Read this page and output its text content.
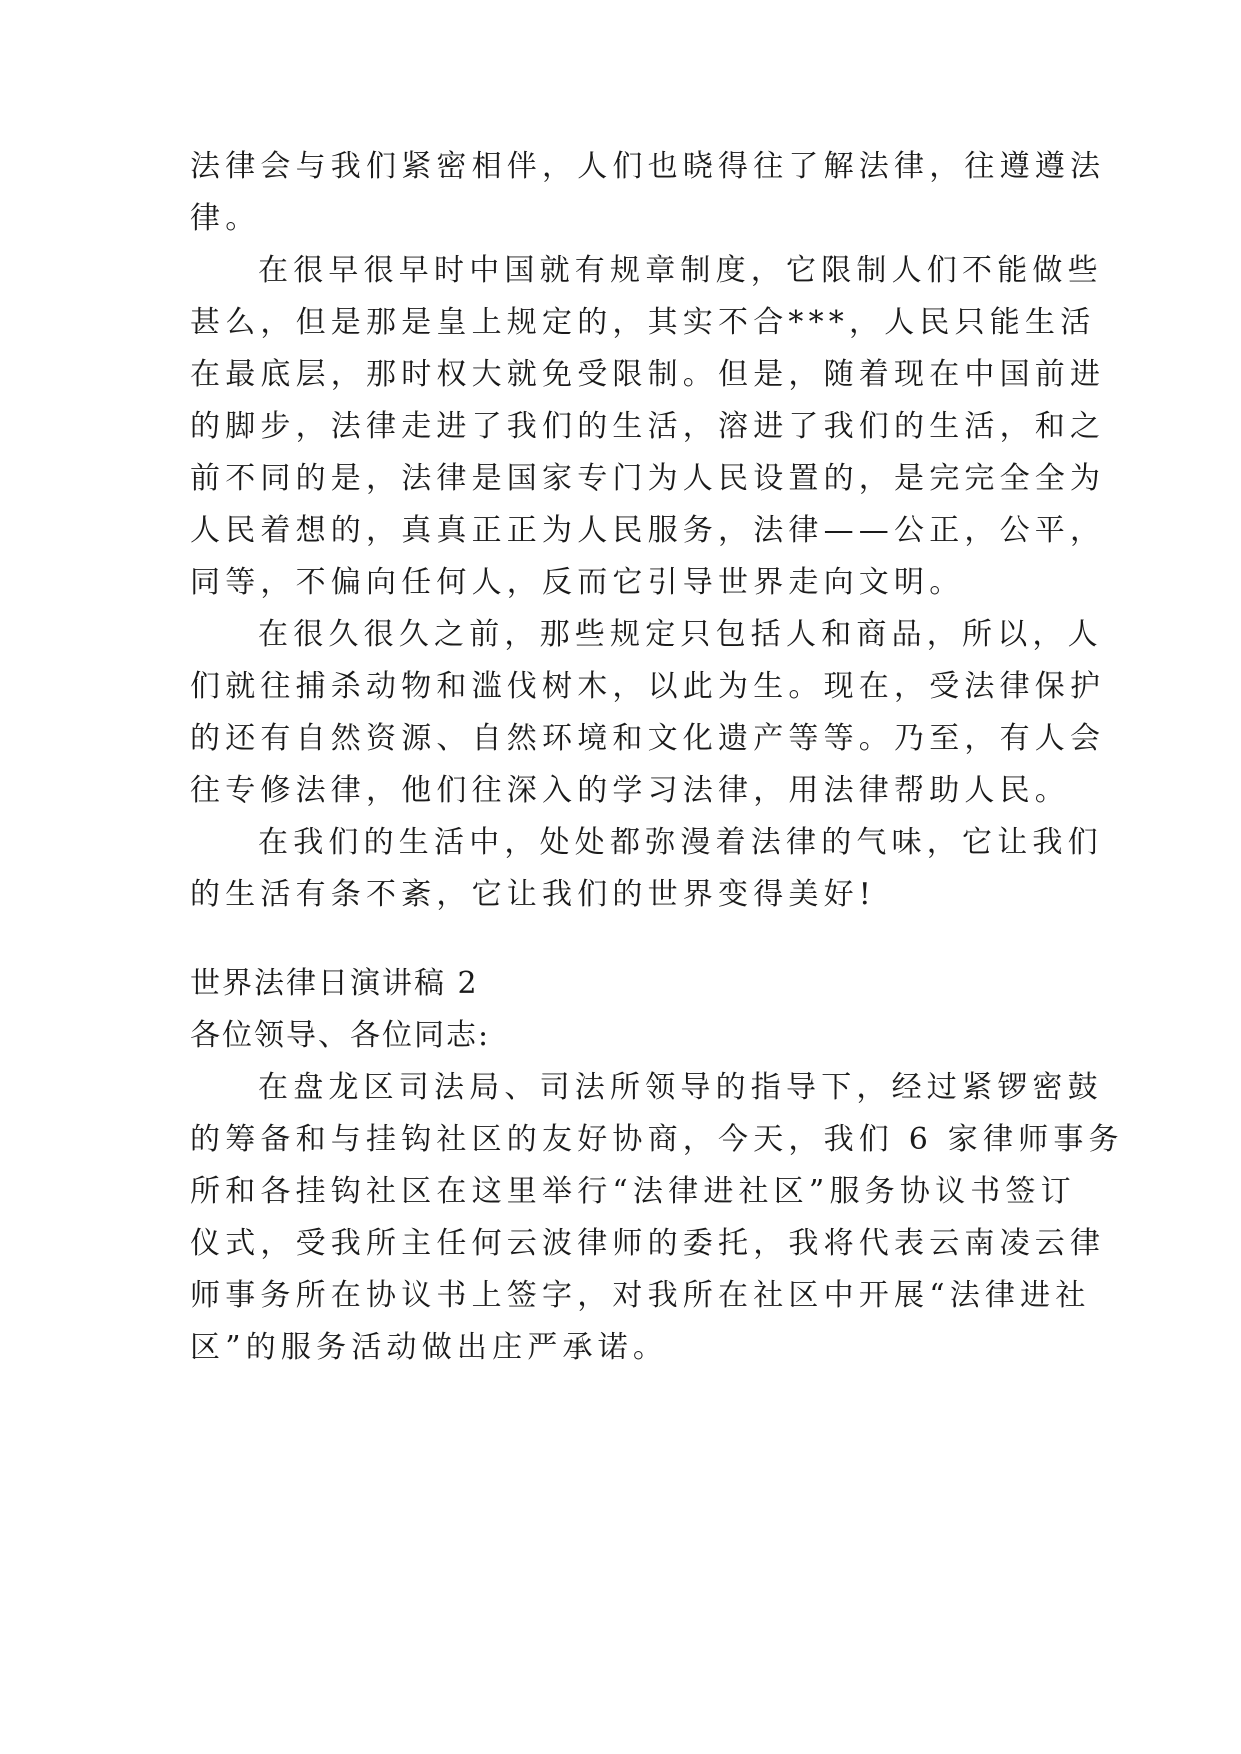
法律会与我们紧密相伴，人们也晓得往了解法律，往遵遵法
律。
在很早很早时中国就有规章制度，它限制人们不能做些
甚么，但是那是皇上规定的，其实不合***，人民只能生活
在最底层，那时权大就免受限制。但是，随着现在中国前进
的脚步，法律走进了我们的生活，溶进了我们的生活，和之
前不同的是，法律是国家专门为人民设置的，是完完全全为
人民着想的，真真正正为人民服务，法律——公正，公平，
同等，不偏向任何人，反而它引导世界走向文明。
在很久很久之前，那些规定只包括人和商品，所以，人
们就往捕杀动物和滥伐树木，以此为生。现在，受法律保护
的还有自然资源、自然环境和文化遗产等等。乃至，有人会
往专修法律，他们往深入的学习法律，用法律帮助人民。
在我们的生活中，处处都弥漫着法律的气味，它让我们
的生活有条不紊，它让我们的世界变得美好!
世界法律日演讲稿 2
各位领导、各位同志:
在盘龙区司法局、司法所领导的指导下，经过紧锣密鼓
的筹备和与挂钩社区的友好协商，今天，我们 6 家律师事务
所和各挂钩社区在这里举行“法律进社区”服务协议书签订
仪式，受我所主任何云波律师的委托，我将代表云南凌云律
师事务所在协议书上签字，对我所在社区中开展“法律进社
区”的服务活动做出庄严承诺。
